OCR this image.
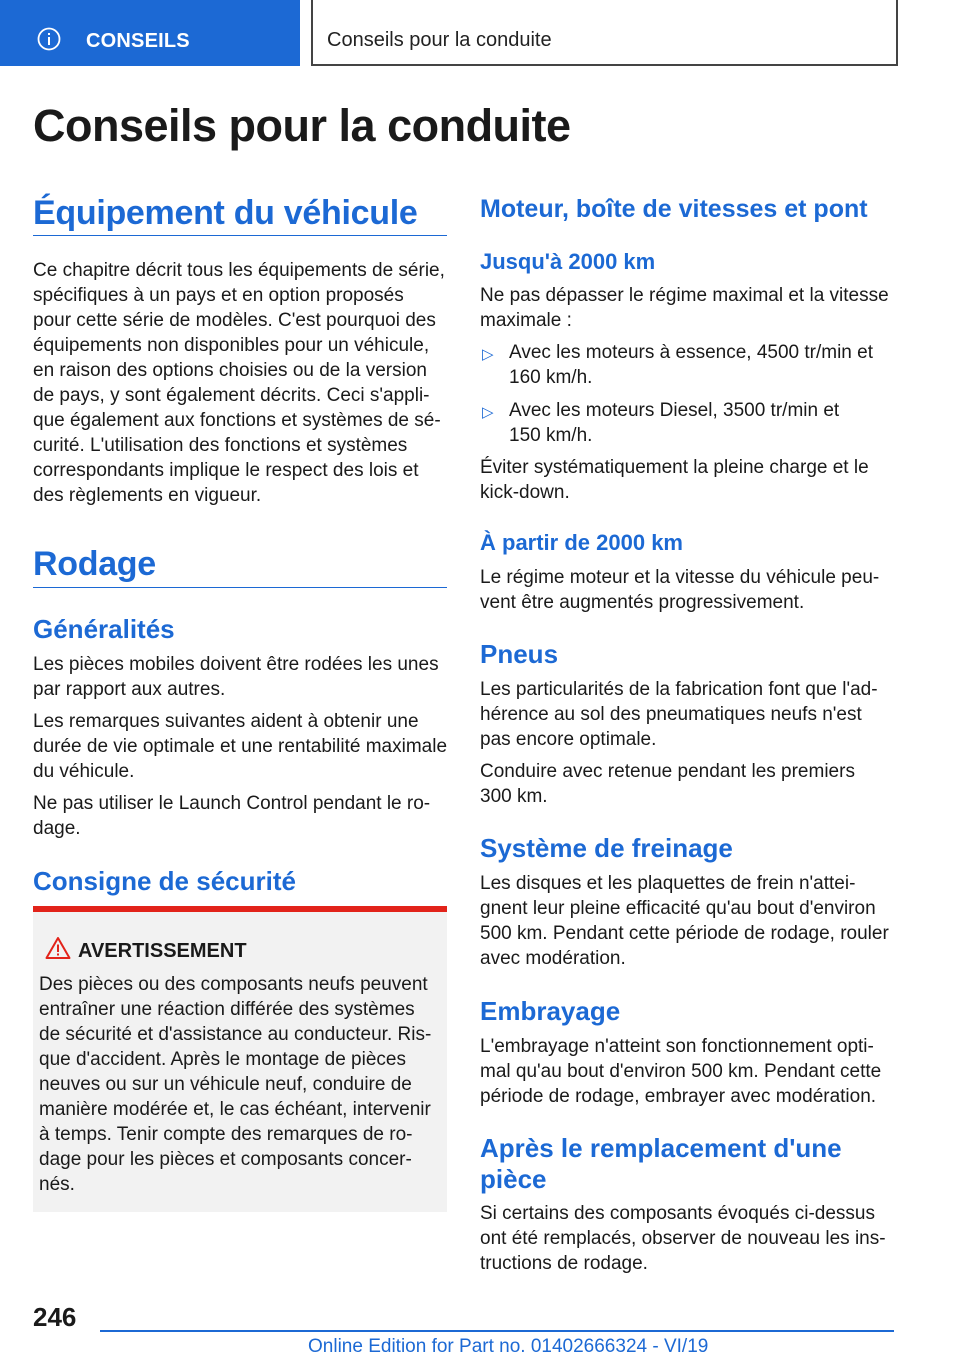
CONSEILS	Conseils pour la conduite
Conseils pour la conduite
Équipement du véhicule

Ce chapitre décrit tous les équipements de série,
spécifiques à un pays et en option proposés
pour cette série de modèles. C'est pourquoi des
équipements non disponibles pour un véhicule,
en raison des options choisies ou de la version
de pays, y sont également décrits. Ceci s'appli‐
que également aux fonctions et systèmes de sé‐
curité. L'utilisation des fonctions et systèmes
correspondants implique le respect des lois et
des règlements en vigueur.

Rodage
Généralités

Les pièces mobiles doivent être rodées les unes
par rapport aux autres.

Les remarques suivantes aident à obtenir une
durée de vie optimale et une rentabilité maximale
du véhicule.

Ne pas utiliser le Launch Control pendant le ro‐
dage.

Consigne de sécurité
AVERTISSEMENT

Des pièces ou des composants neufs peuvent
entraîner une réaction différée des systèmes
de sécurité et d'assistance au conducteur. Ris‐
que d'accident. Après le montage de pièces
neuves ou sur un véhicule neuf, conduire de
manière modérée et, le cas échéant, intervenir
à temps. Tenir compte des remarques de ro‐
dage pour les pièces et composants concer‐
nés.

Moteur, boîte de vitesses et pont
Jusqu'à 2000 km

Ne pas dépasser le régime maximal et la vitesse
maximale :

▷ Avec les moteurs à essence, 4500 tr/min et
160 km/h.

▷ Avec les moteurs Diesel, 3500 tr/min et
150 km/h.

Éviter systématiquement la pleine charge et le
kick-down.

À partir de 2000 km

Le régime moteur et la vitesse du véhicule peu‐
vent être augmentés progressivement.

Pneus

Les particularités de la fabrication font que l'ad‐
hérence au sol des pneumatiques neufs n'est
pas encore optimale.

Conduire avec retenue pendant les premiers
300 km.

Système de freinage

Les disques et les plaquettes de frein n'attei‐
gnent leur pleine efficacité qu'au bout d'environ
500 km. Pendant cette période de rodage, rouler
avec modération.

Embrayage

L'embrayage n'atteint son fonctionnement opti‐
mal qu'au bout d'environ 500 km. Pendant cette
période de rodage, embrayer avec modération.

Après le remplacement d'une
pièce

Si certains des composants évoqués ci-dessus
ont été remplacés, observer de nouveau les ins‐
tructions de rodage.

246
Online Edition for Part no. 01402666324 - VI/19
